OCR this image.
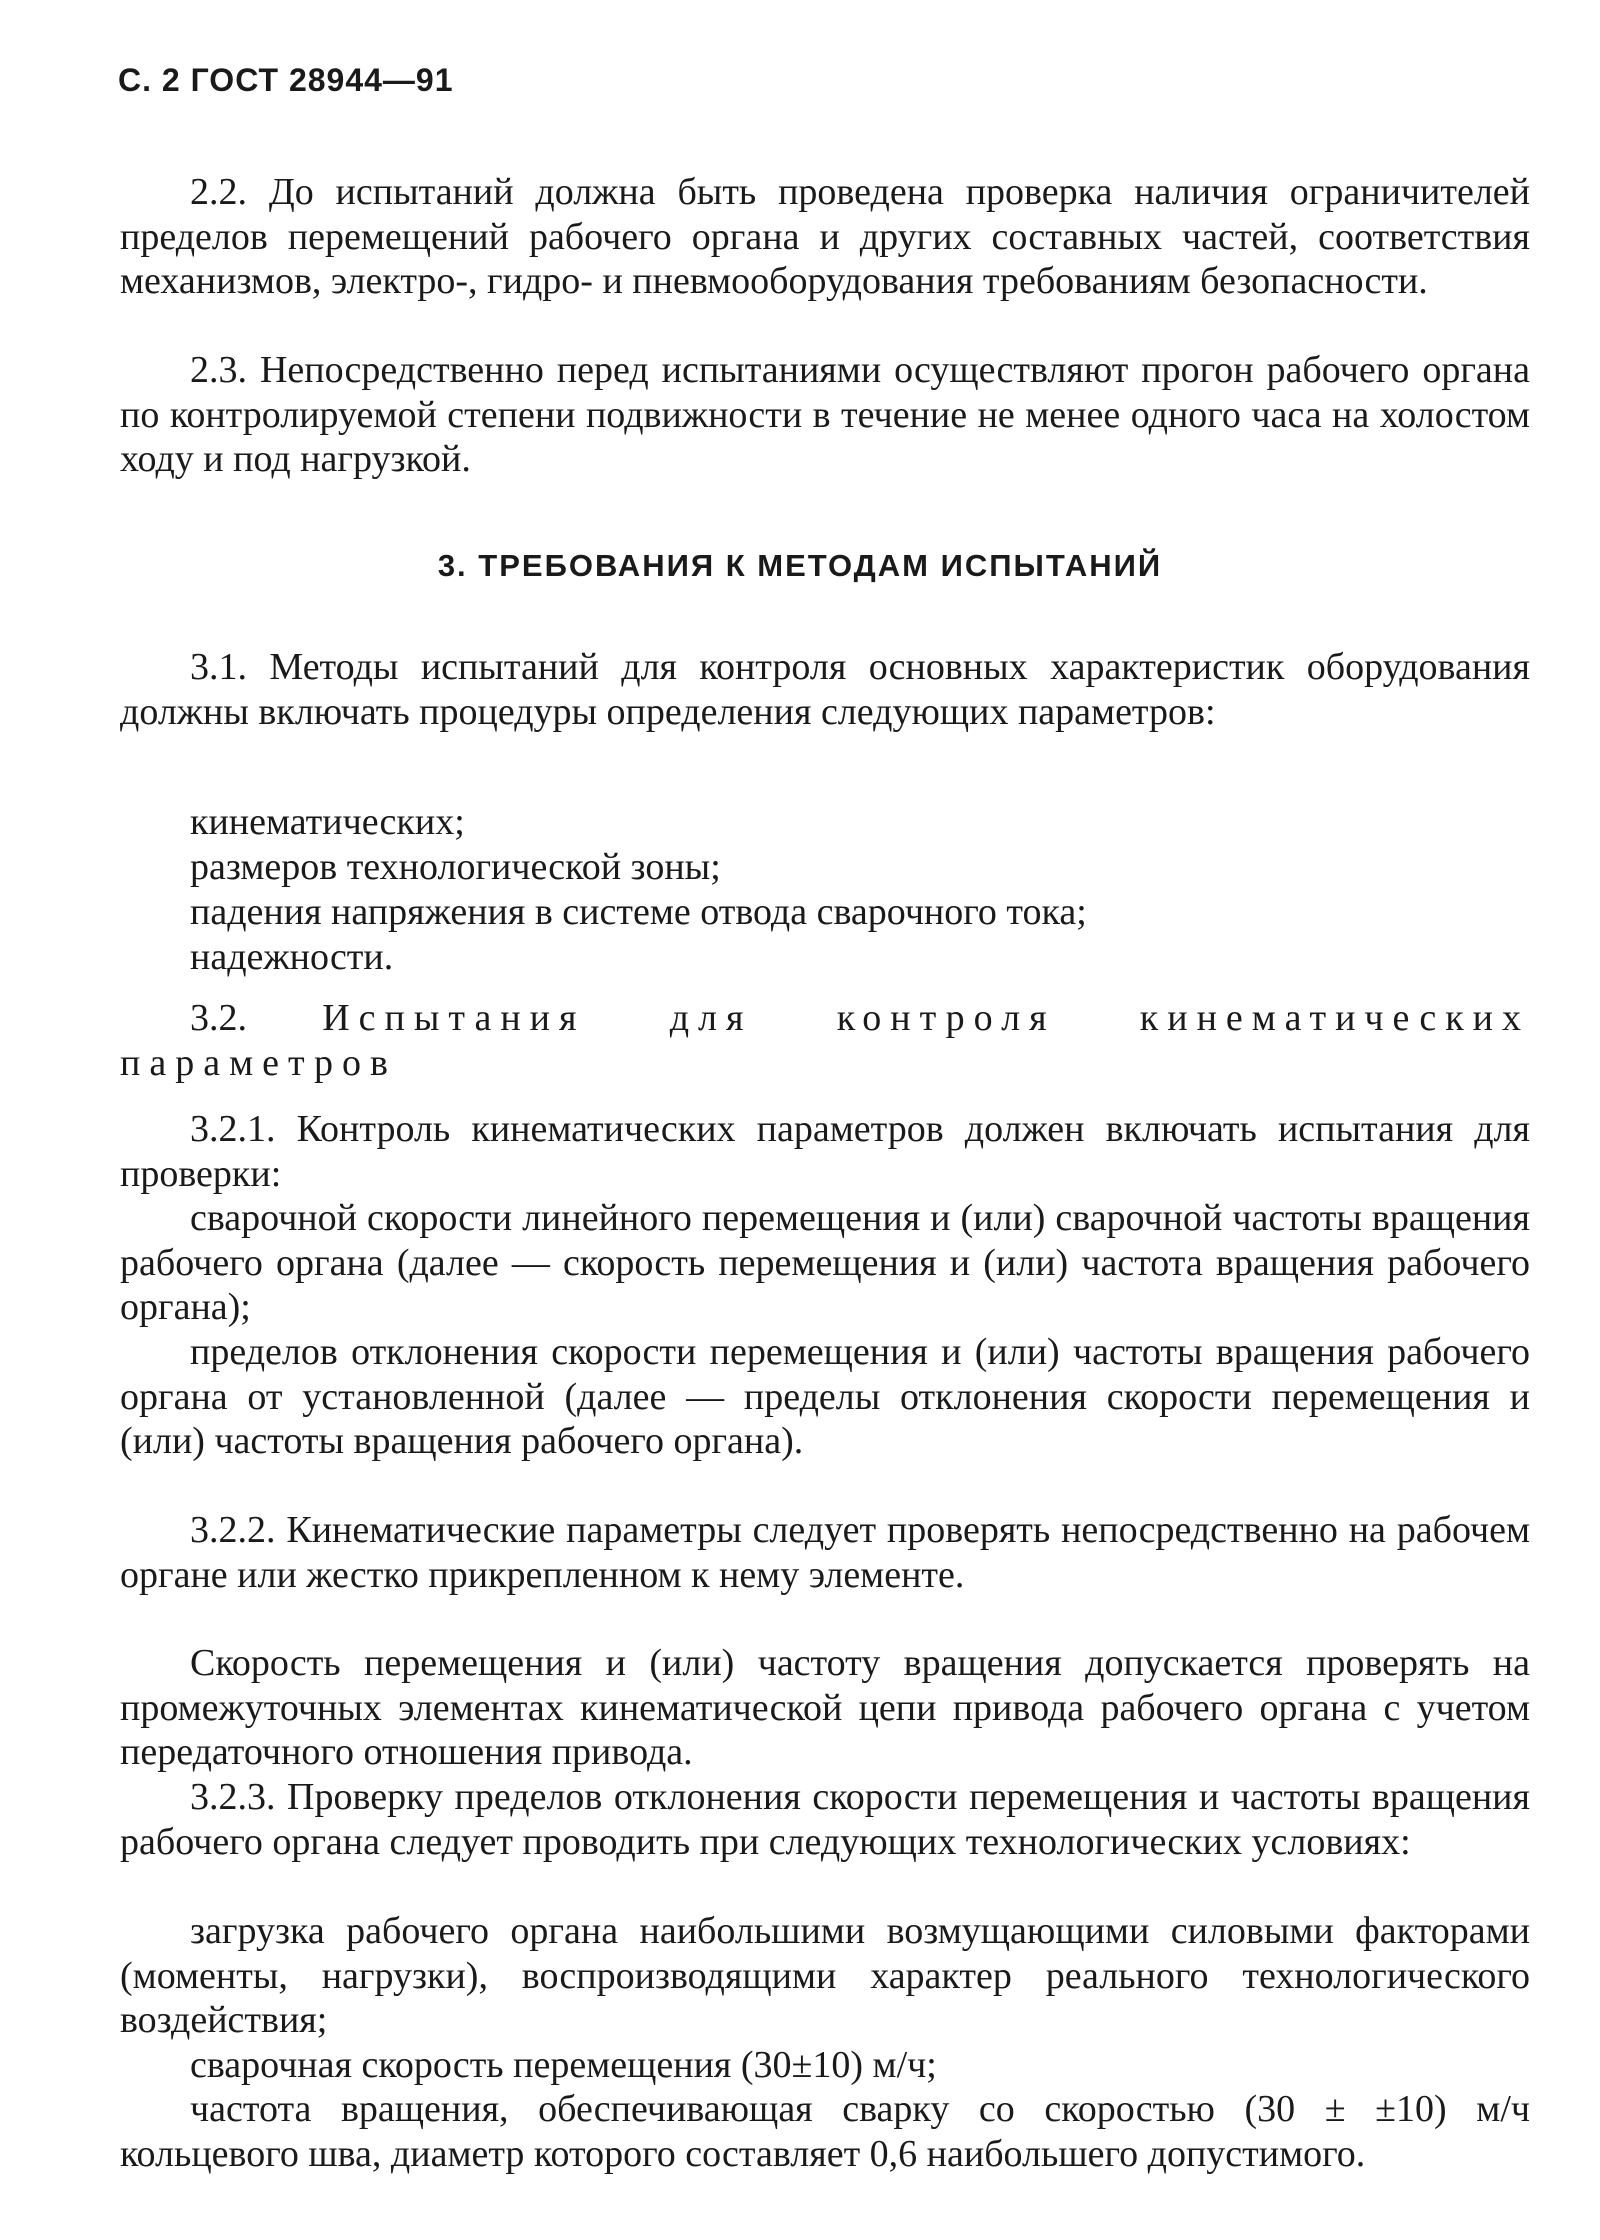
С. 2 ГОСТ 28944—91

2.2. До испытаний должна быть проведена проверка наличия ограничителей пределов перемещений рабочего органа и других составных частей, соответствия механизмов, электро-, гидро- и пневмооборудования требованиям безопасности.

2.3. Непосредственно перед испытаниями осуществляют прогон рабочего органа по контролируемой степени подвижности в течение не менее одного часа на холостом ходу и под нагрузкой.

3. ТРЕБОВАНИЯ К МЕТОДАМ ИСПЫТАНИЙ

3.1. Методы испытаний для контроля основных характеристик оборудования должны включать процедуры определения следующих параметров:

кинематических;

размеров технологической зоны;

падения напряжения в системе отвода сварочного тока;

надежности.

3.2. Испытания для контроля кинематических параметров

3.2.1. Контроль кинематических параметров должен включать испытания для проверки:

сварочной скорости линейного перемещения и (или) сварочной частоты вращения рабочего органа (далее — скорость перемещения и (или) частота вращения рабочего органа);

пределов отклонения скорости перемещения и (или) частоты вращения рабочего органа от установленной (далее — пределы отклонения скорости перемещения и (или) частоты вращения рабочего органа).

3.2.2. Кинематические параметры следует проверять непосредственно на рабочем органе или жестко прикрепленном к нему элементе.

Скорость перемещения и (или) частоту вращения допускается проверять на промежуточных элементах кинематической цепи привода рабочего органа с учетом передаточного отношения привода.

3.2.3. Проверку пределов отклонения скорости перемещения и частоты вращения рабочего органа следует проводить при следующих технологических условиях:

загрузка рабочего органа наибольшими возмущающими силовыми факторами (моменты, нагрузки), воспроизводящими характер реального технологического воздействия;

сварочная скорость перемещения (30±10) м/ч;

частота вращения, обеспечивающая сварку со скоростью (30 ± ±10) м/ч кольцевого шва, диаметр которого составляет 0,6 наибольшего допустимого.
